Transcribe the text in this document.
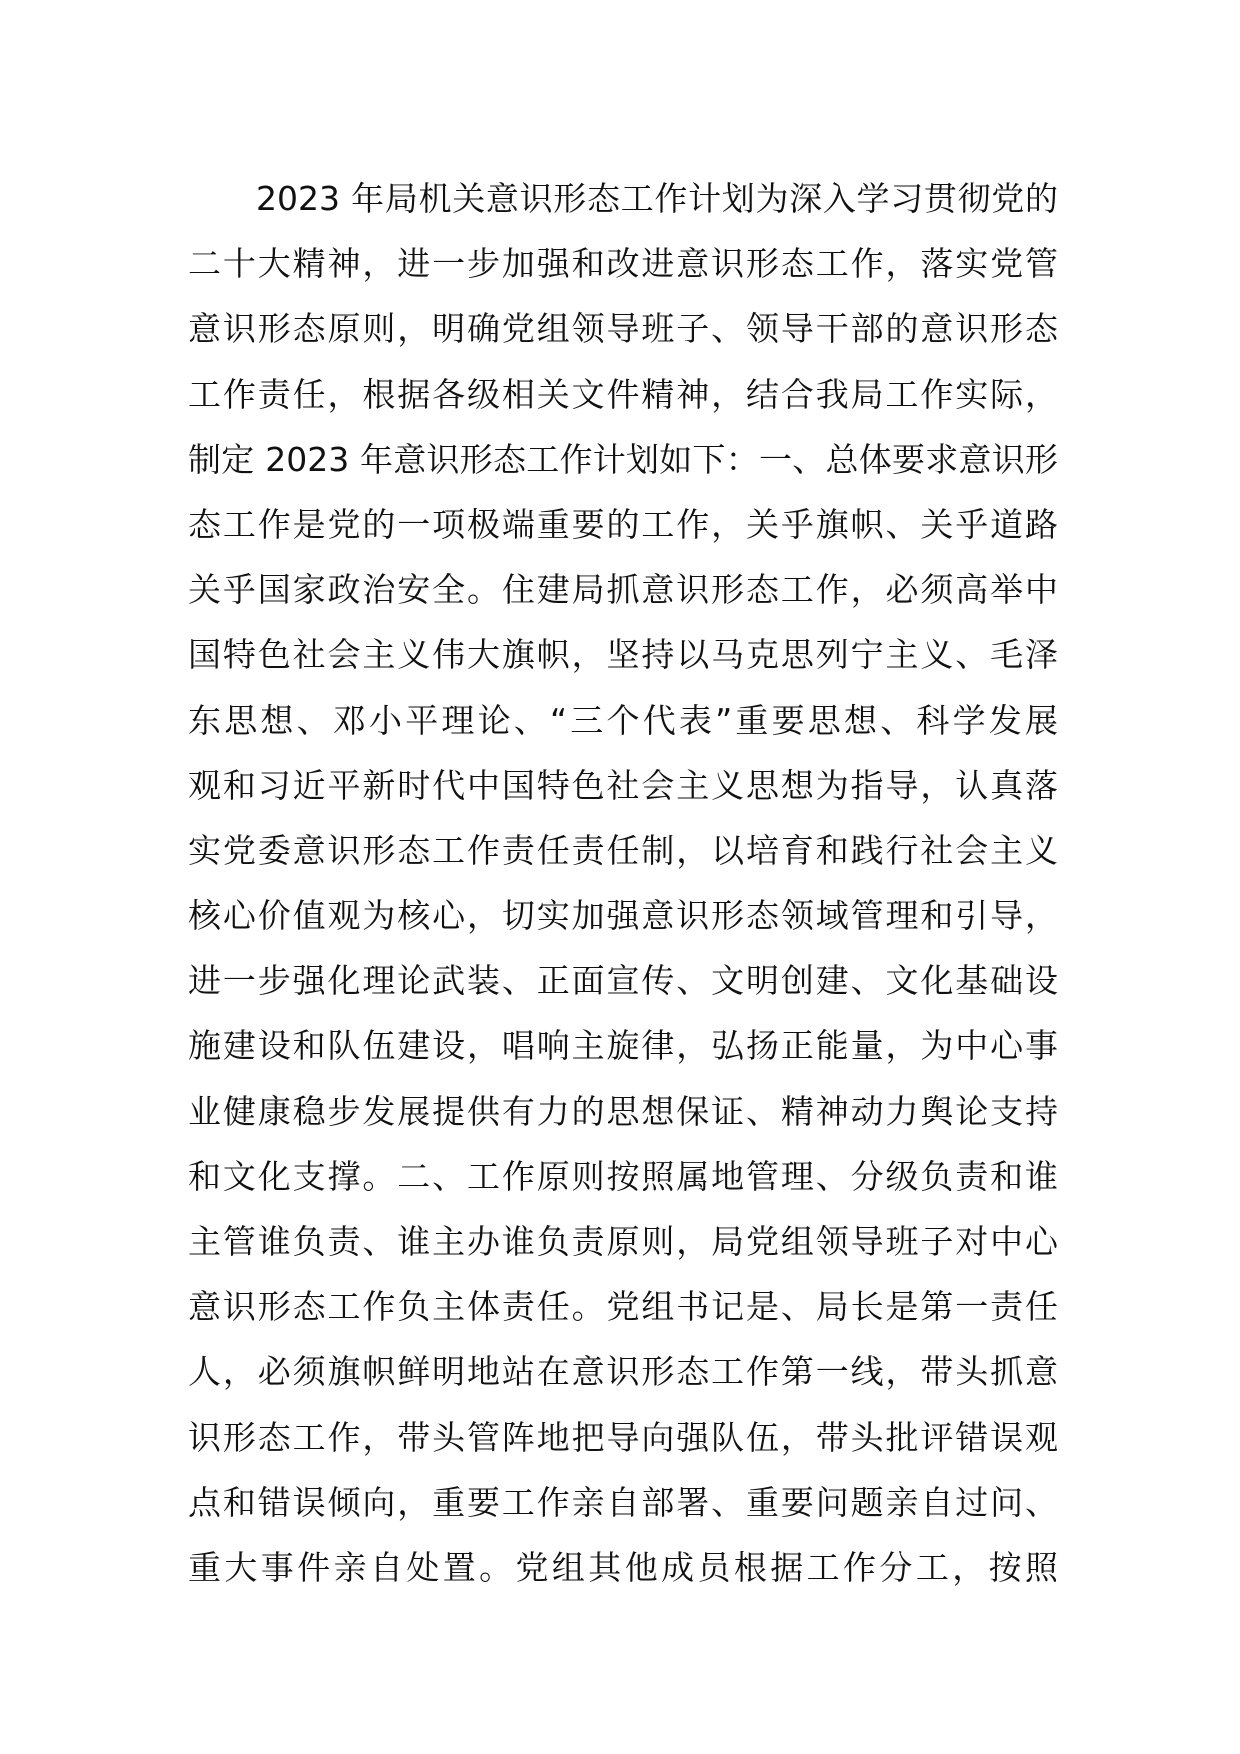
2023 年局机关意识形态工作计划为深入学习贯彻党的
二十大精神，进一步加强和改进意识形态工作，落实党管
意识形态原则，明确党组领导班子、领导干部的意识形态
工作责任，根据各级相关文件精神，结合我局工作实际，
制定 2023 年意识形态工作计划如下：一、总体要求意识形
态工作是党的一项极端重要的工作，关乎旗帜、关乎道路
关乎国家政治安全。住建局抓意识形态工作，必须高举中
国特色社会主义伟大旗帜，坚持以马克思列宁主义、毛泽
东思想、邓小平理论、“三个代表”重要思想、科学发展
观和习近平新时代中国特色社会主义思想为指导，认真落
实党委意识形态工作责任责任制，以培育和践行社会主义
核心价值观为核心，切实加强意识形态领域管理和引导，
进一步强化理论武装、正面宣传、文明创建、文化基础设
施建设和队伍建设，唱响主旋律，弘扬正能量，为中心事
业健康稳步发展提供有力的思想保证、精神动力舆论支持
和文化支撑。二、工作原则按照属地管理、分级负责和谁
主管谁负责、谁主办谁负责原则，局党组领导班子对中心
意识形态工作负主体责任。党组书记是、局长是第一责任
人，必须旗帜鲜明地站在意识形态工作第一线，带头抓意
识形态工作，带头管阵地把导向强队伍，带头批评错误观
点和错误倾向，重要工作亲自部署、重要问题亲自过问、
重大事件亲自处置。党组其他成员根据工作分工，按照
